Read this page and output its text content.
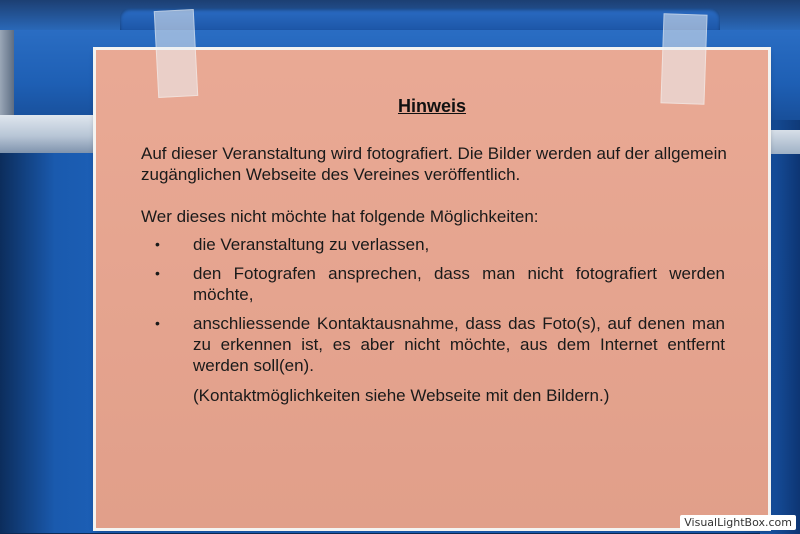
Hinweis

Auf dieser Veranstaltung wird fotografiert. Die Bilder werden auf der allgemein zugänglichen Webseite des Vereines veröffentlich.

Wer dieses nicht möchte hat folgende Möglichkeiten:

• die Veranstaltung zu verlassen,
• den Fotografen ansprechen, dass man nicht fotografiert werden möchte,
• anschliessende Kontaktausnahme, dass das Foto(s), auf denen man zu erkennen ist, es aber nicht möchte, aus dem Internet entfernt werden soll(en).

(Kontaktmöglichkeiten siehe Webseite mit den Bildern.)

VisualLightBox.com
